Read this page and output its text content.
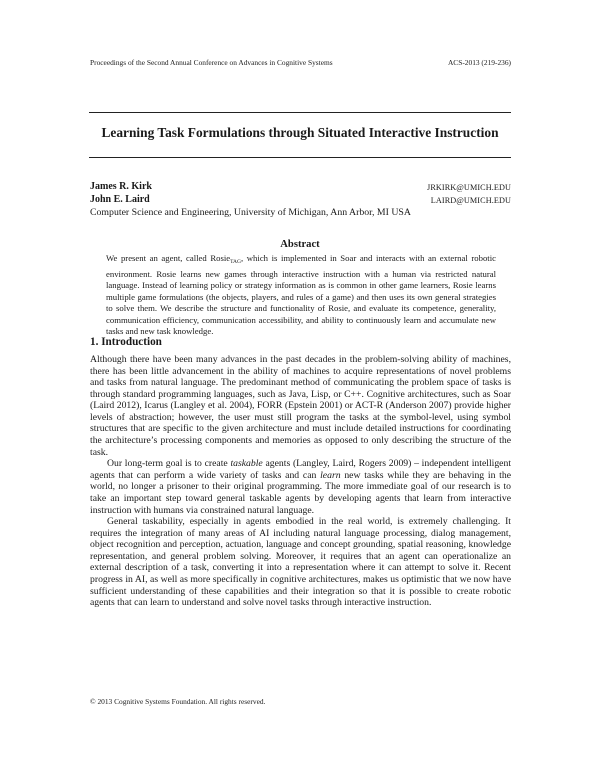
Proceedings of the Second Annual Conference on Advances in Cognitive Systems	ACS-2013 (219-236)
Learning Task Formulations through Situated Interactive Instruction
James R. Kirk	JRKIRK@UMICH.EDU
John E. Laird	LAIRD@UMICH.EDU
Computer Science and Engineering, University of Michigan, Ann Arbor, MI USA
Abstract
We present an agent, called Rosie$_{TAG}$, which is implemented in Soar and interacts with an external robotic environment. Rosie learns new games through interactive instruction with a human via restricted natural language. Instead of learning policy or strategy information as is common in other game learners, Rosie learns multiple game formulations (the objects, players, and rules of a game) and then uses its own general strategies to solve them. We describe the structure and functionality of Rosie, and evaluate its competence, generality, communication efficiency, communication accessibility, and ability to continuously learn and accumulate new tasks and new task knowledge.
1. Introduction

Although there have been many advances in the past decades in the problem-solving ability of machines, there has been little advancement in the ability of machines to acquire representations of novel problems and tasks from natural language. The predominant method of communicating the problem space of tasks is through standard programming languages, such as Java, Lisp, or C++. Cognitive architectures, such as Soar (Laird 2012), Icarus (Langley et al. 2004), FORR (Epstein 2001) or ACT-R (Anderson 2007) provide higher levels of abstraction; however, the user must still program the tasks at the symbol-level, using symbol structures that are specific to the given architecture and must include detailed instructions for coordinating the architecture’s processing components and memories as opposed to only describing the structure of the task.

Our long-term goal is to create taskable agents (Langley, Laird, Rogers 2009) – independent intelligent agents that can perform a wide variety of tasks and can learn new tasks while they are behaving in the world, no longer a prisoner to their original programming. The more immediate goal of our research is to take an important step toward general taskable agents by developing agents that learn from interactive instruction with humans via constrained natural language.

General taskability, especially in agents embodied in the real world, is extremely challenging. It requires the integration of many areas of AI including natural language processing, dialog management, object recognition and perception, actuation, language and concept grounding, spatial reasoning, knowledge representation, and general problem solving. Moreover, it requires that an agent can operationalize an external description of a task, converting it into a representation where it can attempt to solve it. Recent progress in AI, as well as more specifically in cognitive architectures, makes us optimistic that we now have sufficient understanding of these capabilities and their integration so that it is possible to create robotic agents that can learn to understand and solve novel tasks through interactive instruction.

© 2013 Cognitive Systems Foundation. All rights reserved.
